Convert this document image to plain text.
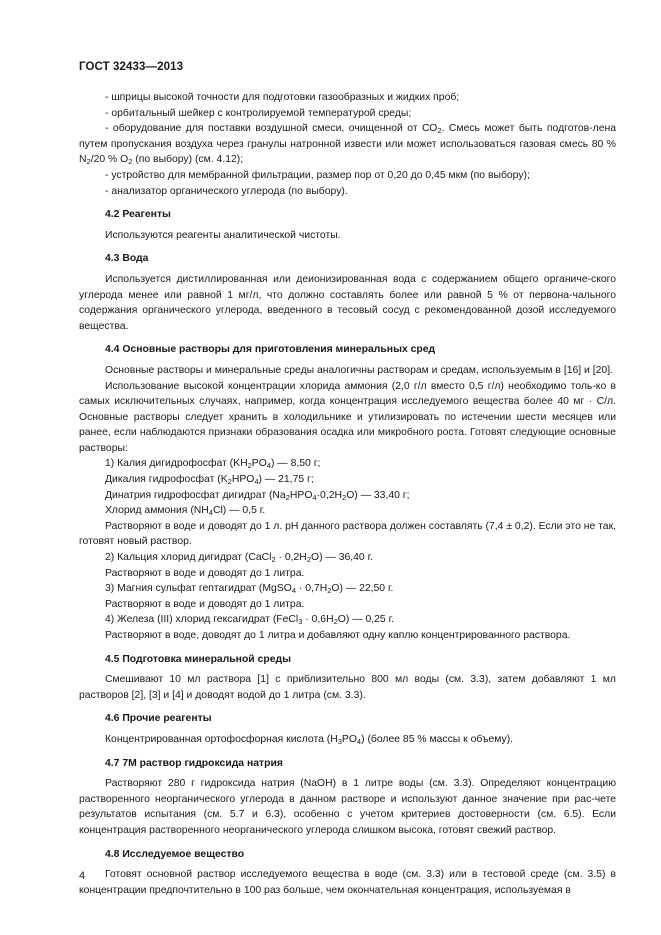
ГОСТ 32433—2013

- шприцы высокой точности для подготовки газообразных и жидких проб;

- орбитальный шейкер с контролируемой температурой среды;

- оборудование для поставки воздушной смеси, очищенной от $СО_2$. Смесь может быть подготов-лена путем пропускания воздуха через гранулы натронной извести или может использоваться газовая смесь 80 % $N_2/20$ % $O_2$ (по выбору) (см. 4.12);

- устройство для мембранной фильтрации, размер пор от 0,20 до 0,45 мкм (по выбору);

- анализатор органического углерода (по выбору).

4.2 Реагенты

Используются реагенты аналитической чистоты.

4.3 Вода

Используется дистиллированная или деионизированная вода с содержанием общего органиче-ского углерода менее или равной 1 мг/л, что должно составлять более или равной 5 % от первона-чального содержания органического углерода, введенного в тесовый сосуд с рекомендованной дозой исследуемого вещества.

4.4 Основные растворы для приготовления минеральных сред

Основные растворы и минеральные среды аналогичны растворам и средам, используемым в [16] и [20].

Использование высокой концентрации хлорида аммония (2,0 г/л вместо 0,5 г/л) необходимо толь-ко в самых исключительных случаях, например, когда концентрация исследуемого вещества более 40 мг · С/л. Основные растворы следует хранить в холодильнике и утилизировать по истечении шести месяцев или ранее, если наблюдаются признаки образования осадка или микробного роста. Готовят следующие основные растворы:

1) Калия дигидрофосфат $(KH_2PO_4)$ — 8,50 г;

Дикалия гидрофосфат $(K_2HPO_4)$ — 21,75 г;

Динатрия гидрофосфат дигидрат $(Na_2HPO_4\cdot 0,2H_2O)$ — 33,40 г;

Хлорид аммония $(NH_4Cl)$ — 0,5 г.

Растворяют в воде и доводят до 1 л. рН данного раствора должен составлять (7,4 ± 0,2). Если это не так, готовят новый раствор.

2) Кальция хлорид дигидрат (CaCl$_2$ · $0,2H_2O$) — 36,40 г.

Растворяют в воде и доводят до 1 литра.

3) Магния сульфат гептагидрат (MgSO$_4$ · $0,7H_2O$) — 22,50 г.

Растворяют в воде и доводят до 1 литра.

4) Железа (III) хлорид гексагидрат (FeCl$_3$ · $0,6H_2O$) — 0,25 г.

Растворяют в воде, доводят до 1 литра и добавляют одну каплю концентрированного раствора.

4.5 Подготовка минеральной среды

Смешивают 10 мл раствора [1] с приблизительно 800 мл воды (см. 3.3), затем добавляют 1 мл растворов [2], [3] и [4] и доводят водой до 1 литра (см. 3.3).

4.6 Прочие реагенты

Концентрированная ортофосфорная кислота $(H_3PO_4)$ (более 85 % массы к объему).

4.7 7М раствор гидроксида натрия

Растворяют 280 г гидроксида натрия (NaOH) в 1 литре воды (см. 3.3). Определяют концентрацию растворенного неорганического углерода в данном растворе и используют данное значение при рас-чете результатов испытания (см. 5.7 и 6.3), особенно с учетом критериев достоверности (см. 6.5). Если концентрация растворенного неорганического углерода слишком высока, готовят свежий раствор.

4.8 Исследуемое вещество

Готовят основной раствор исследуемого вещества в воде (см. 3.3) или в тестовой среде (см. 3.5) в концентрации предпочтительно в 100 раз больше, чем окончательная концентрация, используемая в

4
